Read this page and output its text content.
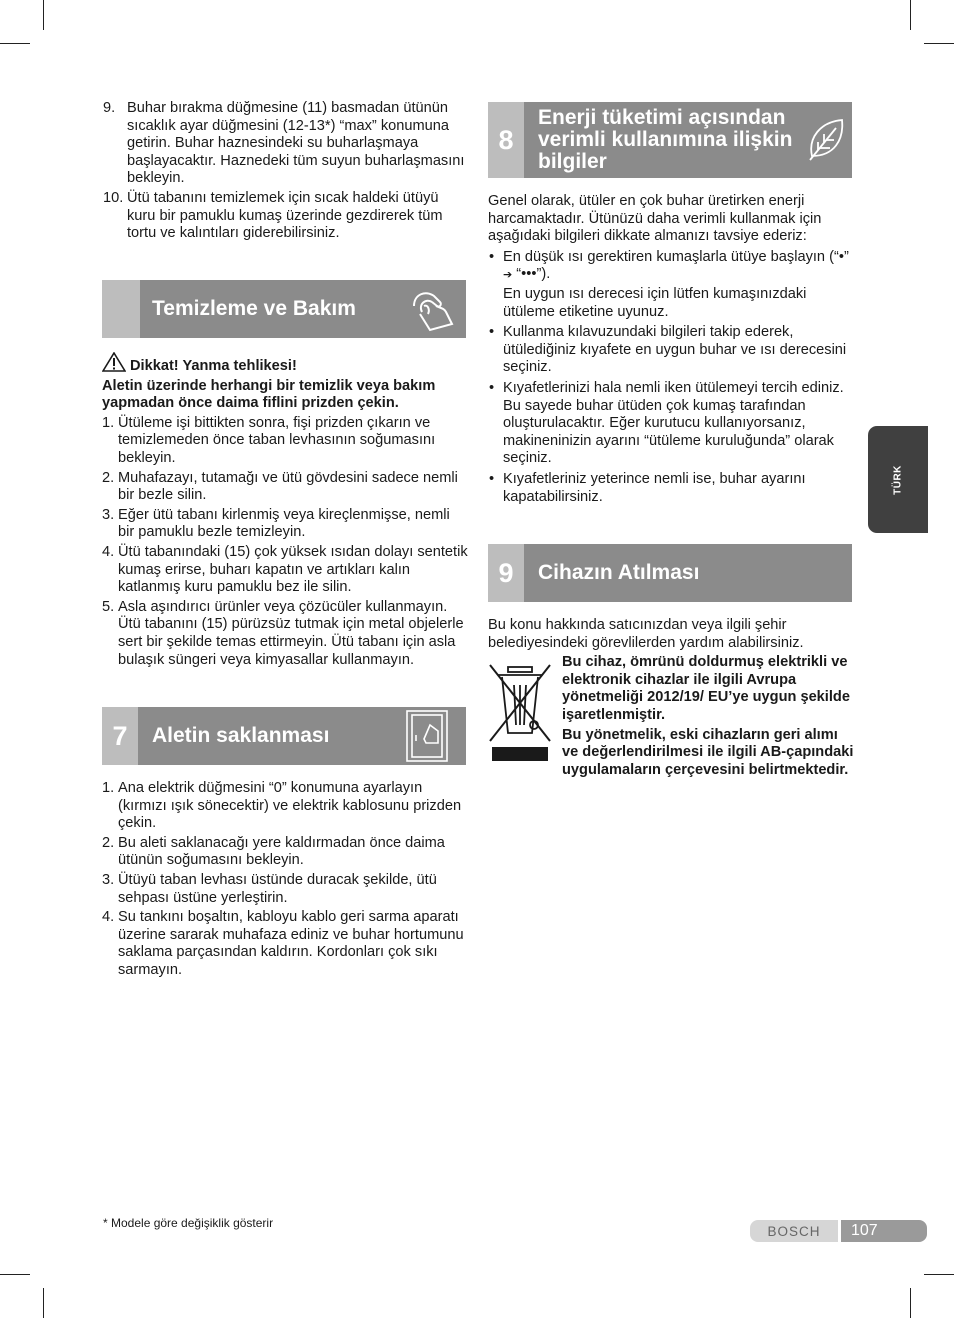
9. Buhar bırakma düğmesine (11) basmadan ütünün sıcaklık ayar düğmesini (12-13*) “max” konumuna getirin. Buhar haznesindeki su buharlaşmaya başlayacaktır. Haznedeki tüm suyun buharlaşmasını bekleyin.
10. Ütü tabanını temizlemek için sıcak haldeki ütüyü kuru bir pamuklu kumaş üzerinde gezdirerek tüm tortu ve kalıntıları giderebilirsiniz.
Temizleme ve Bakım

Dikkat! Yanma tehlikesi!

Aletin üzerinde herhangi bir temizlik veya bakım yapmadan önce daima fiflini prizden çekin.

1. Ütüleme işi bittikten sonra, fişi prizden çıkarın ve temizlemeden önce taban levhasının soğumasını bekleyin.
2. Muhafazayı, tutamağı ve ütü gövdesini sadece nemli bir bezle silin.
3. Eğer ütü tabanı kirlenmiş veya kireçlenmişse, nemli bir pamuklu bezle temizleyin.
4. Ütü tabanındaki (15) çok yüksek ısıdan dolayı sentetik kumaş erirse, buharı kapatın ve artıkları kalın katlanmış kuru pamuklu bez ile silin.
5. Asla aşındırıcı ürünler veya çözücüler kullanmayın. Ütü tabanını (15) pürüzsüz tutmak için metal objelerle sert bir şekilde temas ettirmeyin. Ütü tabanı için asla bulaşık süngeri veya kimyasallar kullanmayın.
7	Aletin saklanması
1. Ana elektrik düğmesini “0” konumuna ayarlayın (kırmızı ışık sönecektir) ve elektrik kablosunu prizden çekin.
2. Bu aleti saklanacağı yere kaldırmadan önce daima ütünün soğumasını bekleyin.
3. Ütüyü taban levhası üstünde duracak şekilde, ütü sehpası üstüne yerleştirin.
4. Su tankını boşaltın, kabloyu kablo geri sarma aparatı üzerine sararak muhafaza ediniz ve buhar hortumunu saklama parçasından kaldırın. Kordonları çok sıkı sarmayın.
8
Enerji tüketimi açısından verimli kullanımına ilişkin bilgiler

Genel olarak, ütüler en çok buhar üretirken enerji harcamaktadır. Ütünüzü daha verimli kullanmak için aşağıdaki bilgileri dikkate almanızı tavsiye ederiz:

• En düşük ısı gerektiren kumaşlarla ütüye başlayın (“•” ➔ “•••”).

En uygun ısı derecesi için lütfen kumaşınızdaki ütüleme etiketine uyunuz.

• Kullanma kılavuzundaki bilgileri takip ederek, ütülediğiniz kıyafete en uygun buhar ve ısı derecesini seçiniz.
• Kıyafetlerinizi hala nemli iken ütülemeyi tercih ediniz. Bu sayede buhar ütüden çok kumaş tarafından oluşturulacaktır. Eğer kurutucu kullanıyorsanız, makineninizin ayarını “ütüleme kuruluğunda” olarak seçiniz.
• Kıyafetleriniz yeterince nemli ise, buhar ayarını kapatabilirsiniz.
9	Cihazın Atılması

Bu konu hakkında satıcınızdan veya ilgili şehir belediyesindeki görevlilerden yardım alabilirsiniz.

Bu cihaz, ömrünü doldurmuş elektrikli ve elektronik cihazlar ile ilgili Avrupa yönetmeliği 2012/19/ EU’ye uygun şekilde işaretlenmiştir.

Bu yönetmelik, eski cihazların geri alımı ve değerlendirilmesi ile ilgili AB-çapındaki uygulamaların çerçevesini belirtmektedir.

TÜRK
* Modele göre değişiklik gösterir
BOSCH	107
